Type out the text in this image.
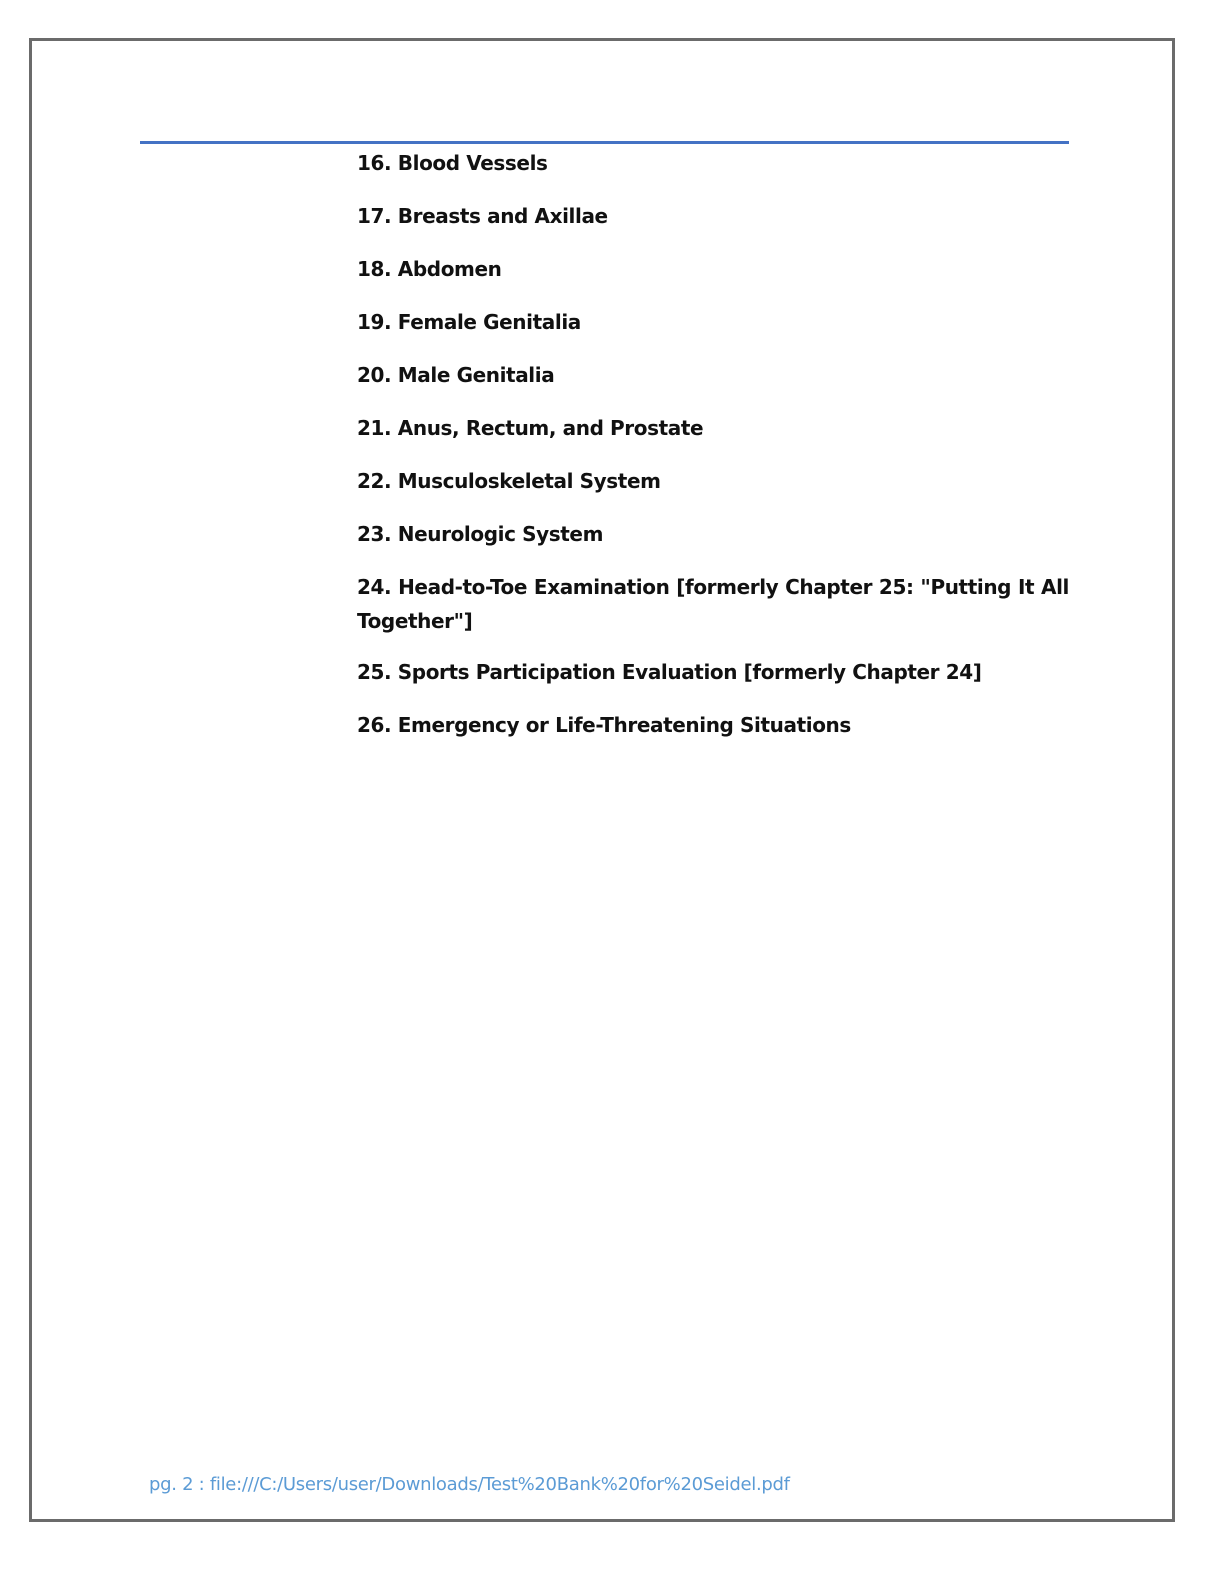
16. Blood Vessels
17. Breasts and Axillae
18. Abdomen
19. Female Genitalia
20. Male Genitalia
21. Anus, Rectum, and Prostate
22. Musculoskeletal System
23. Neurologic System
24. Head-to-Toe Examination [formerly Chapter 25: "Putting It All Together"]
25. Sports Participation Evaluation [formerly Chapter 24]
26. Emergency or Life-Threatening Situations
pg. 2 : file:///C:/Users/user/Downloads/Test%20Bank%20for%20Seidel.pdf
